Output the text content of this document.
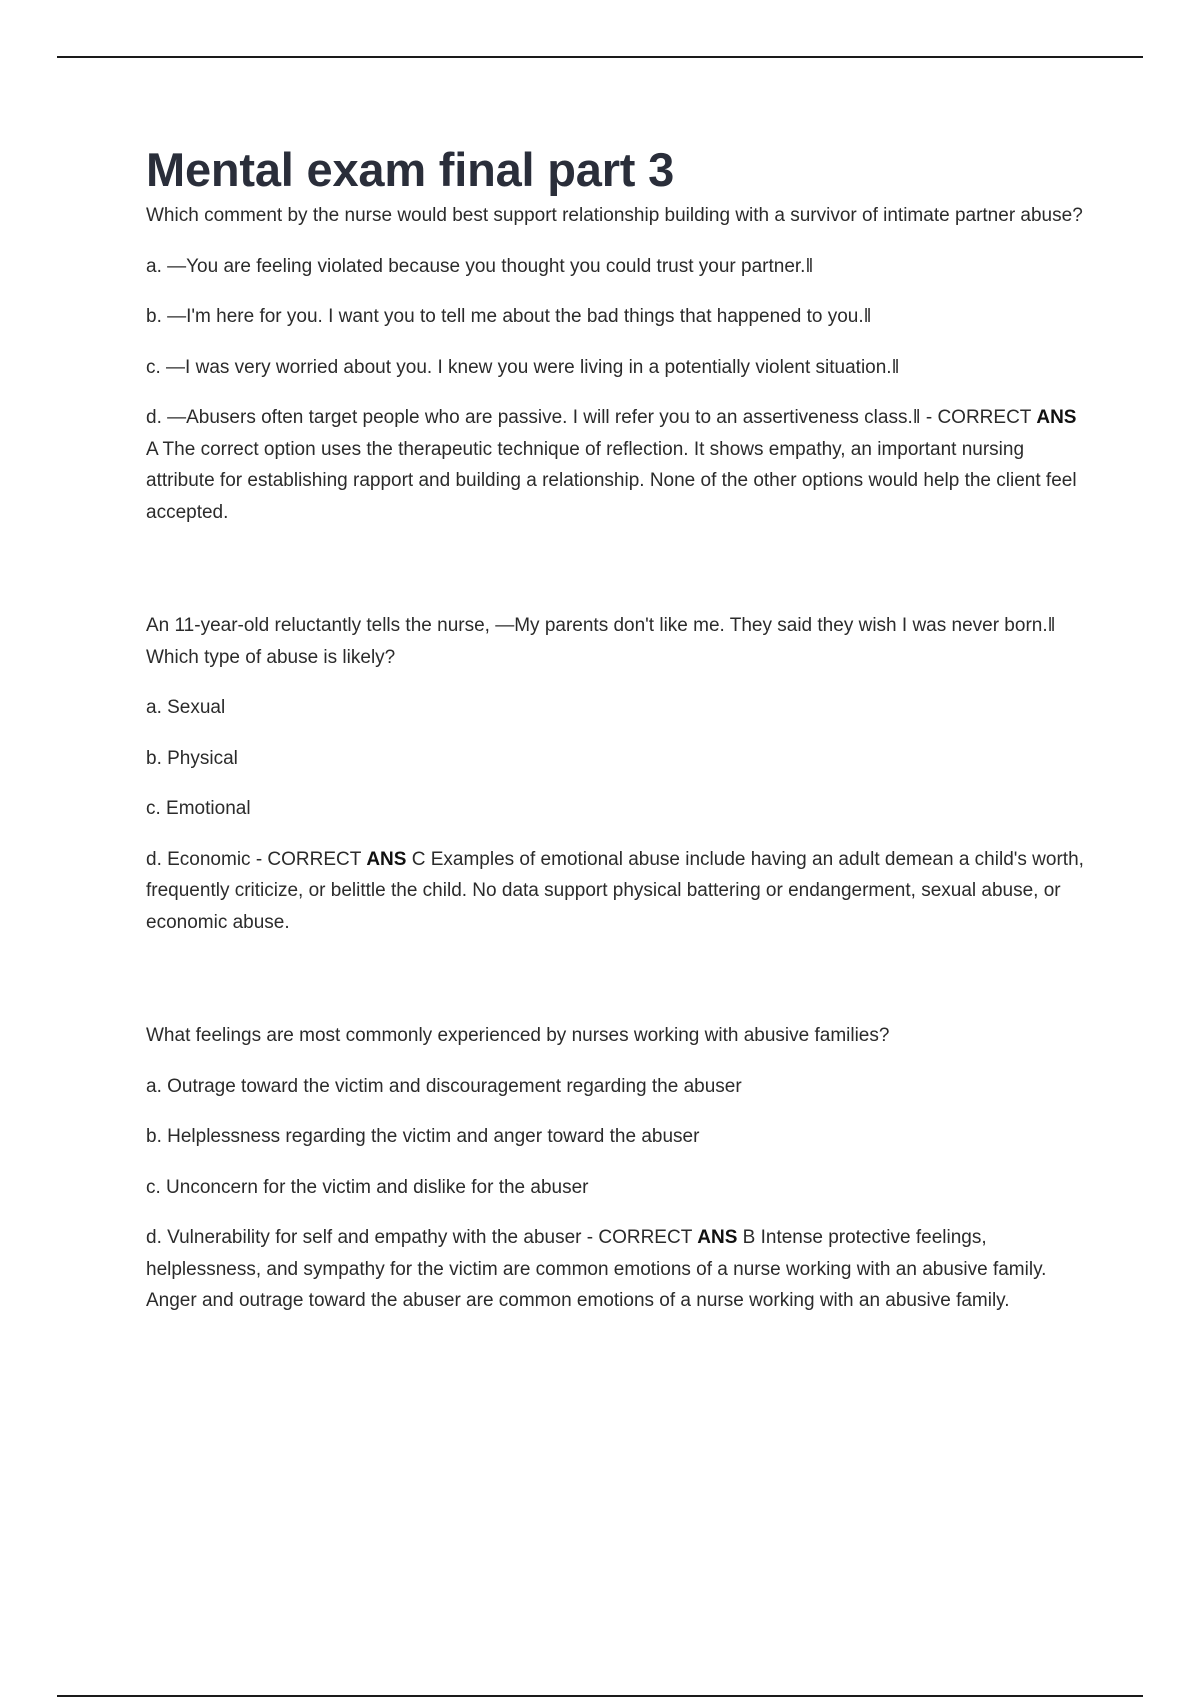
Mental exam final part 3

Which comment by the nurse would best support relationship building with a survivor of intimate partner abuse?

a. ―You are feeling violated because you thought you could trust your partner.‖

b. ―I'm here for you. I want you to tell me about the bad things that happened to you.‖

c. ―I was very worried about you. I knew you were living in a potentially violent situation.‖

d. ―Abusers often target people who are passive. I will refer you to an assertiveness class.‖ - CORRECT ANS A The correct option uses the therapeutic technique of reflection. It shows empathy, an important nursing attribute for establishing rapport and building a relationship. None of the other options would help the client feel accepted.

An 11-year-old reluctantly tells the nurse, ―My parents don't like me. They said they wish I was never born.‖ Which type of abuse is likely?

a. Sexual

b. Physical

c. Emotional

d. Economic - CORRECT ANS C Examples of emotional abuse include having an adult demean a child's worth, frequently criticize, or belittle the child. No data support physical battering or endangerment, sexual abuse, or economic abuse.

What feelings are most commonly experienced by nurses working with abusive families?

a. Outrage toward the victim and discouragement regarding the abuser

b. Helplessness regarding the victim and anger toward the abuser

c. Unconcern for the victim and dislike for the abuser

d. Vulnerability for self and empathy with the abuser - CORRECT ANS B Intense protective feelings, helplessness, and sympathy for the victim are common emotions of a nurse working with an abusive family. Anger and outrage toward the abuser are common emotions of a nurse working with an abusive family.
